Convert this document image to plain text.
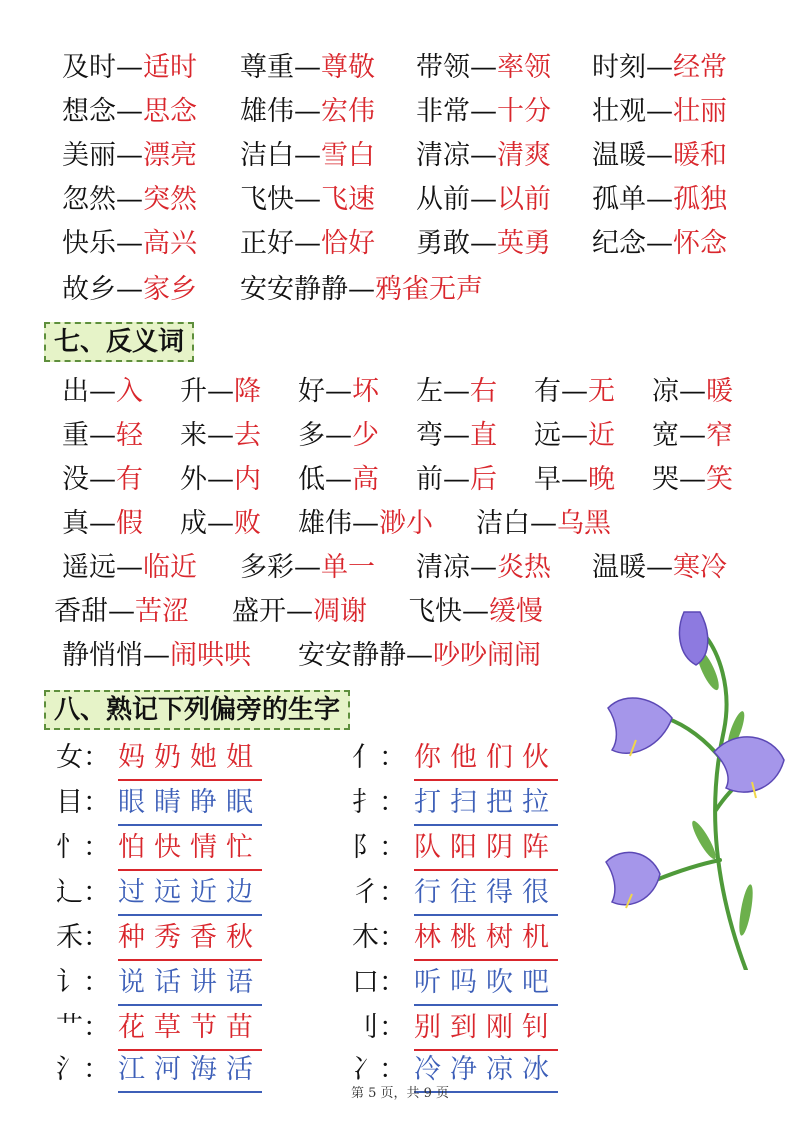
及时—适时 尊重—尊敬 带领—率领 时刻—经常
想念—思念 雄伟—宏伟 非常—十分 壮观—壮丽
美丽—漂亮 洁白—雪白 清凉—清爽 温暖—暖和
忽然—突然 飞快—飞速 从前—以前 孤单—孤独
快乐—高兴 正好—恰好 勇敢—英勇 纪念—怀念
故乡—家乡 安安静静—鸦雀无声
七、反义词
出—入 升—降 好—坏 左—右 有—无 凉—暖
重—轻 来—去 多—少 弯—直 远—近 宽—窄
没—有 外—内 低—高 前—后 早—晚 哭—笑
真—假 成—败 雄伟—渺小 洁白—乌黑
遥远—临近 多彩—单一 清凉—炎热 温暖—寒冷
香甜—苦涩 盛开—凋谢 飞快—缓慢
静悄悄—闹哄哄 安安静静—吵吵闹闹
八、熟记下列偏旁的生字
女： 妈奶她姐	亻： 你他们伙
目： 眼睛睁眠	扌： 打扫把拉
忄： 怕快情忙	阝： 队阳阴阵
辶： 过远近边	彳： 行往得很
禾： 种秀香秋	木： 林桃树机
讠： 说话讲语	口： 听吗吹吧
艹： 花草节苗	刂： 别到刚钊
氵： 江河海活	冫： 冷净凉冰
第 5 页，共 9 页
